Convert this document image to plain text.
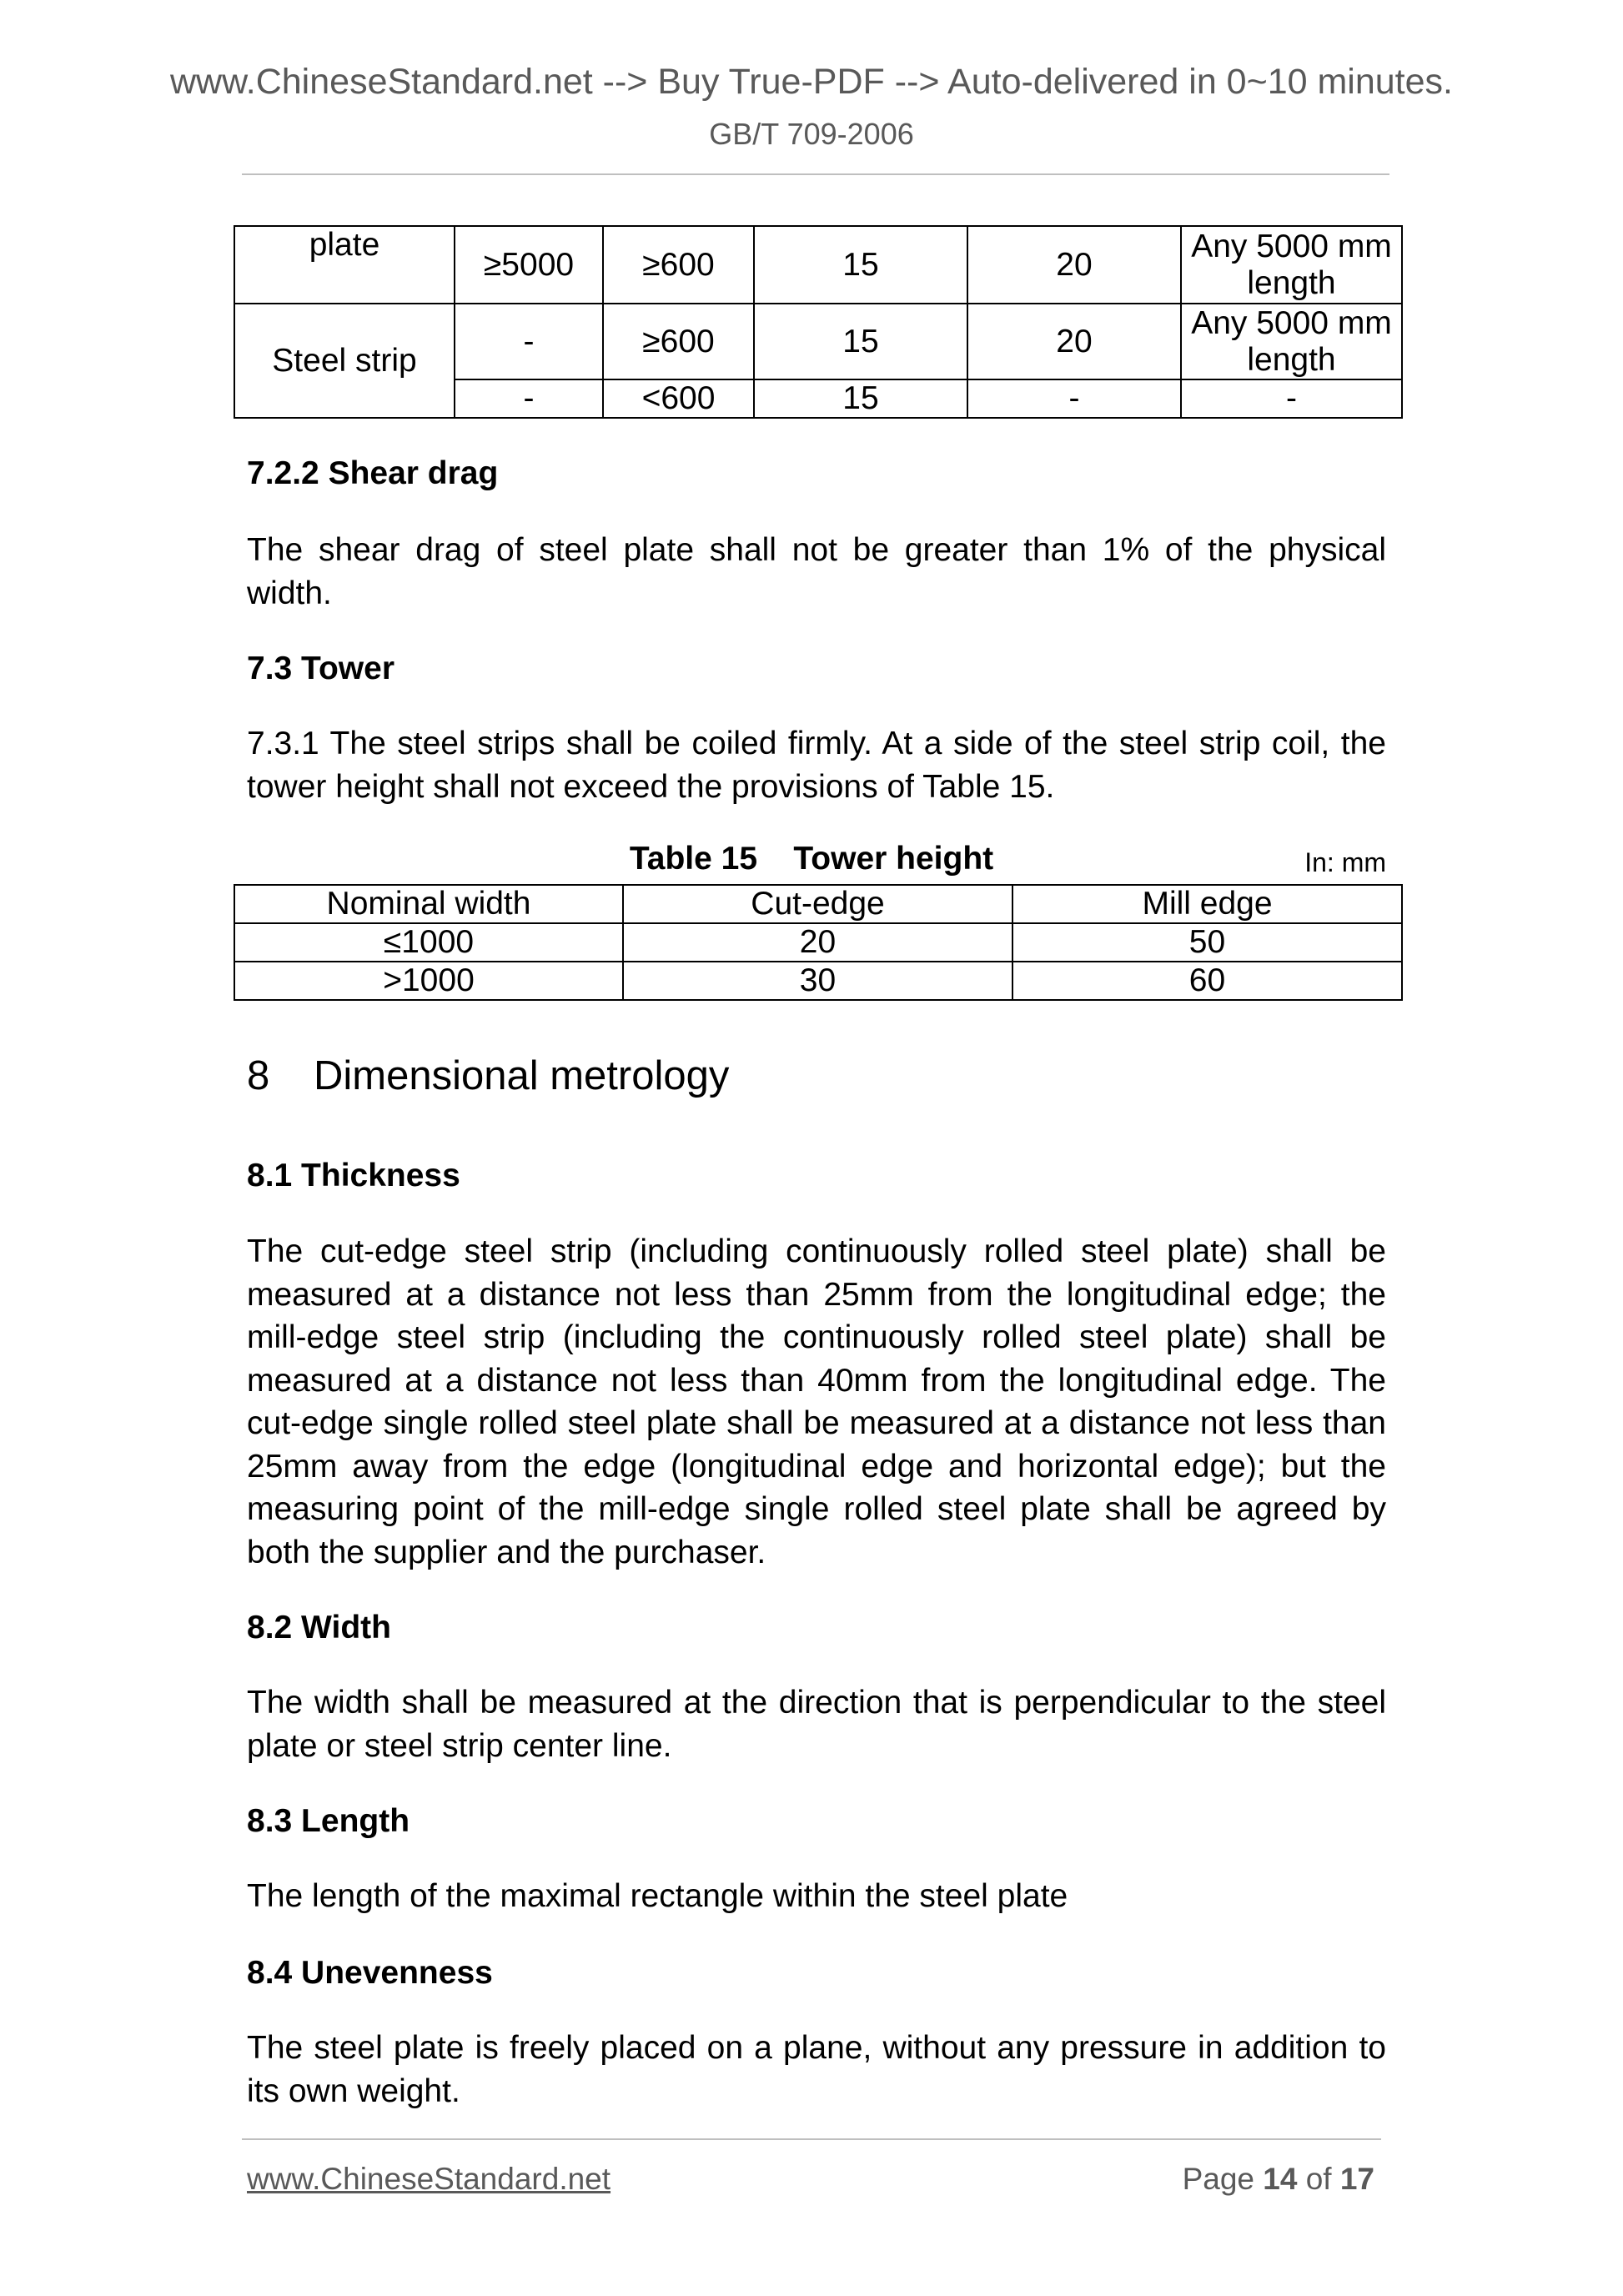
www.ChineseStandard.net --> Buy True-PDF --> Auto-delivered in 0~10 minutes.
GB/T 709-2006
plate	≥5000	≥600	15	20	Any 5000 mm length
Steel strip	-	≥600	15	20	Any 5000 mm length
	-	<600	15	-	-
7.2.2 Shear drag
The shear drag of steel plate shall not be greater than 1% of the physical width.
7.3 Tower
7.3.1 The steel strips shall be coiled firmly. At a side of the steel strip coil, the tower height shall not exceed the provisions of Table 15.
Table 15    Tower height	In: mm
Nominal width	Cut-edge	Mill edge
≤1000	20	50
>1000	30	60
8 Dimensional metrology
8.1 Thickness
The cut-edge steel strip (including continuously rolled steel plate) shall be measured at a distance not less than 25mm from the longitudinal edge; the mill-edge steel strip (including the continuously rolled steel plate) shall be measured at a distance not less than 40mm from the longitudinal edge. The cut-edge single rolled steel plate shall be measured at a distance not less than 25mm away from the edge (longitudinal edge and horizontal edge); but the measuring point of the mill-edge single rolled steel plate shall be agreed by both the supplier and the purchaser.
8.2 Width
The width shall be measured at the direction that is perpendicular to the steel plate or steel strip center line.
8.3 Length
The length of the maximal rectangle within the steel plate
8.4 Unevenness
The steel plate is freely placed on a plane, without any pressure in addition to its own weight.
www.ChineseStandard.net	Page 14 of 17
